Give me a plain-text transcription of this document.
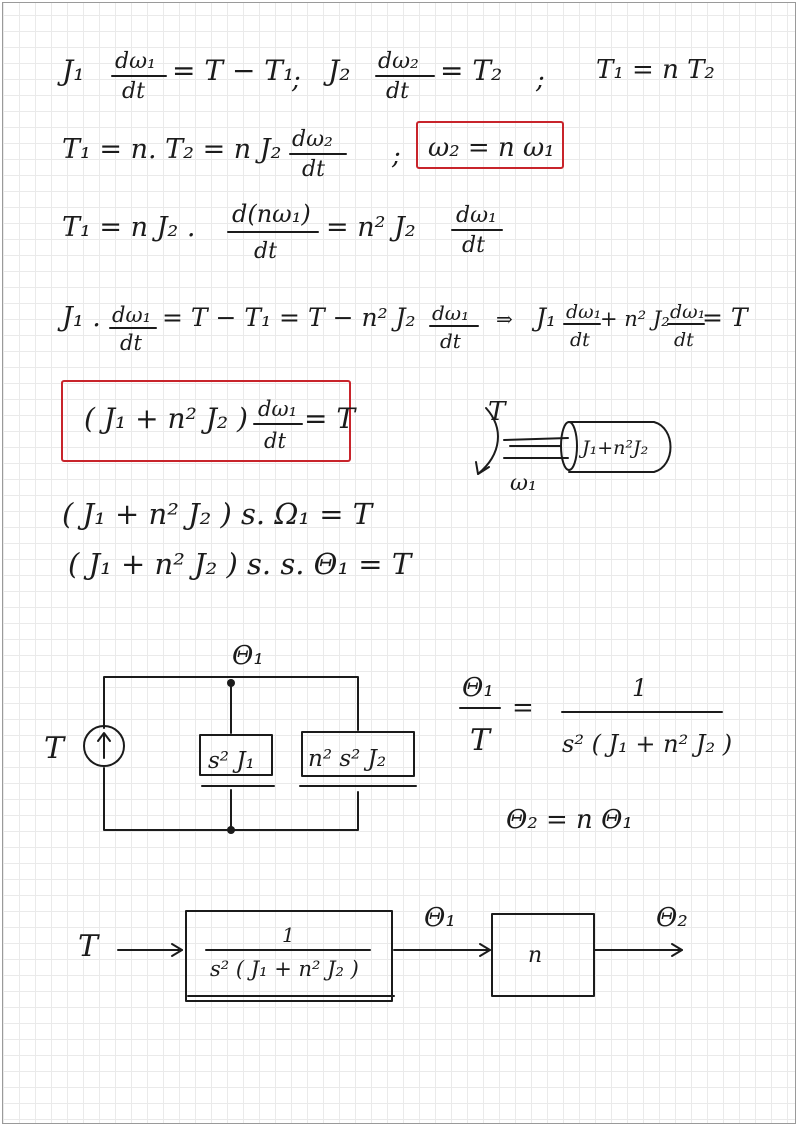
J₁ dω₁
dt
= T − T₁
; J₂ dω₂
dt
= T₂ ; T₁ = n T₂
T₁ = n. T₂ = n J₂ dω₂
dt	; ω₂ = n ω₁
T₁ = n J₂ . d(nω₁)
dt
= n² J₂ dω₁
dt
J₁ . dω₁
dt
= T − T₁ = T − n² J₂ dω₁
dt
⇒ J₁ dω₁
dt
+ n² J₂ dω₁
dt
= T
( J₁ + n² J₂ ) dω₁
dt
= T	T
J₁+n²J₂
ω₁
( J₁ + n² J₂ ) s. Ω₁ = T
( J₁ + n² J₂ ) s. s. Θ₁ = T
Θ₁
T	s² J₁ n² s² J₂
Θ₁
T
=
1
s² ( J₁ + n² J₂ )
Θ₂ = n Θ₁
T	1
s² ( J₁ + n² J₂ )
Θ₁
n
Θ₂
